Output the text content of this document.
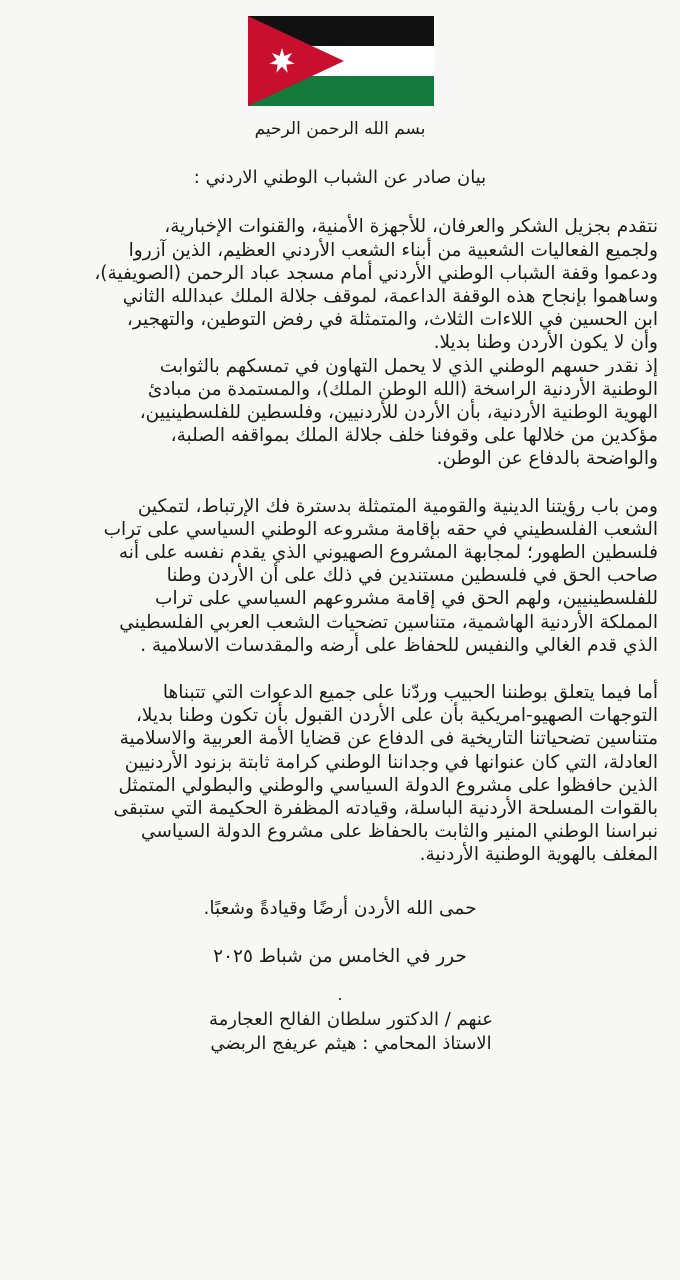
بسم الله الرحمن الرحيم
بيان صادر عن الشباب الوطني الاردني :
نتقدم بجزيل الشكر والعرفان، للأجهزة الأمنية، والقنوات الإخبارية،
ولجميع الفعاليات الشعبية من أبناء الشعب الأردني العظيم، الذين آزروا
ودعموا وقفة الشباب الوطني الأردني أمام مسجد عباد الرحمن (الصويفية)،
وساهموا بإنجاح هذه الوقفة الداعمة، لموقف جلالة الملك عبدالله الثاني
ابن الحسين في اللاءات الثلاث، والمتمثلة في رفض التوطين، والتهجير،
وأن لا يكون الأردن وطنا بديلا.
إذ نقدر حسهم الوطني الذي لا يحمل التهاون في تمسكهم بالثوابت
الوطنية الأردنية الراسخة (الله الوطن الملك)، والمستمدة من مبادئ
الهوية الوطنية الأردنية، بأن الأردن للأردنيين، وفلسطين للفلسطينيين،
مؤكدين من خلالها على وقوفنا خلف جلالة الملك بمواقفه الصلبة،
والواضحة بالدفاع عن الوطن.
ومن باب رؤيتنا الدينية والقومية المتمثلة بدسترة فك الإرتباط، لتمكين
الشعب الفلسطيني في حقه بإقامة مشروعه الوطني السياسي على تراب
فلسطين الطهور؛ لمجابهة المشروع الصهيوني الذي يقدم نفسه على أنه
صاحب الحق في فلسطين مستندين في ذلك على أن الأردن وطنا
للفلسطينيين، ولهم الحق في إقامة مشروعهم السياسي على تراب
المملكة الأردنية الهاشمية، متناسين تضحيات الشعب العربي الفلسطيني
الذي قدم الغالي والنفيس للحفاظ على أرضه والمقدسات الاسلامية .
أما فيما يتعلق بوطننا الحبيب وردّنا على جميع الدعوات التي تتبناها
التوجهات الصهيو-امريكية بأن على الأردن القبول بأن تكون وطنا بديلا،
متناسين تضحياتنا التاريخية فى الدفاع عن قضايا الأمة العربية والاسلامية
العادلة، التي كان عنوانها في وجداننا الوطني كرامة ثابتة بزنود الأردنيين
الذين حافظوا على مشروع الدولة السياسي والوطني والبطولي المتمثل
بالقوات المسلحة الأردنية الباسلة، وقيادته المظفرة الحكيمة التي ستبقى
نبراسنا الوطني المنير والثابت بالحفاظ على مشروع الدولة السياسي
المغلف بالهوية الوطنية الأردنية.
حمى الله الأردن أرضًا وقيادةً وشعبًا.
حرر في الخامس من شباط ٢٠٢٥
.
عنهم / الدكتور سلطان الفالح العجارمة
الاستاذ المحامي : هيثم عريفج الربضي
